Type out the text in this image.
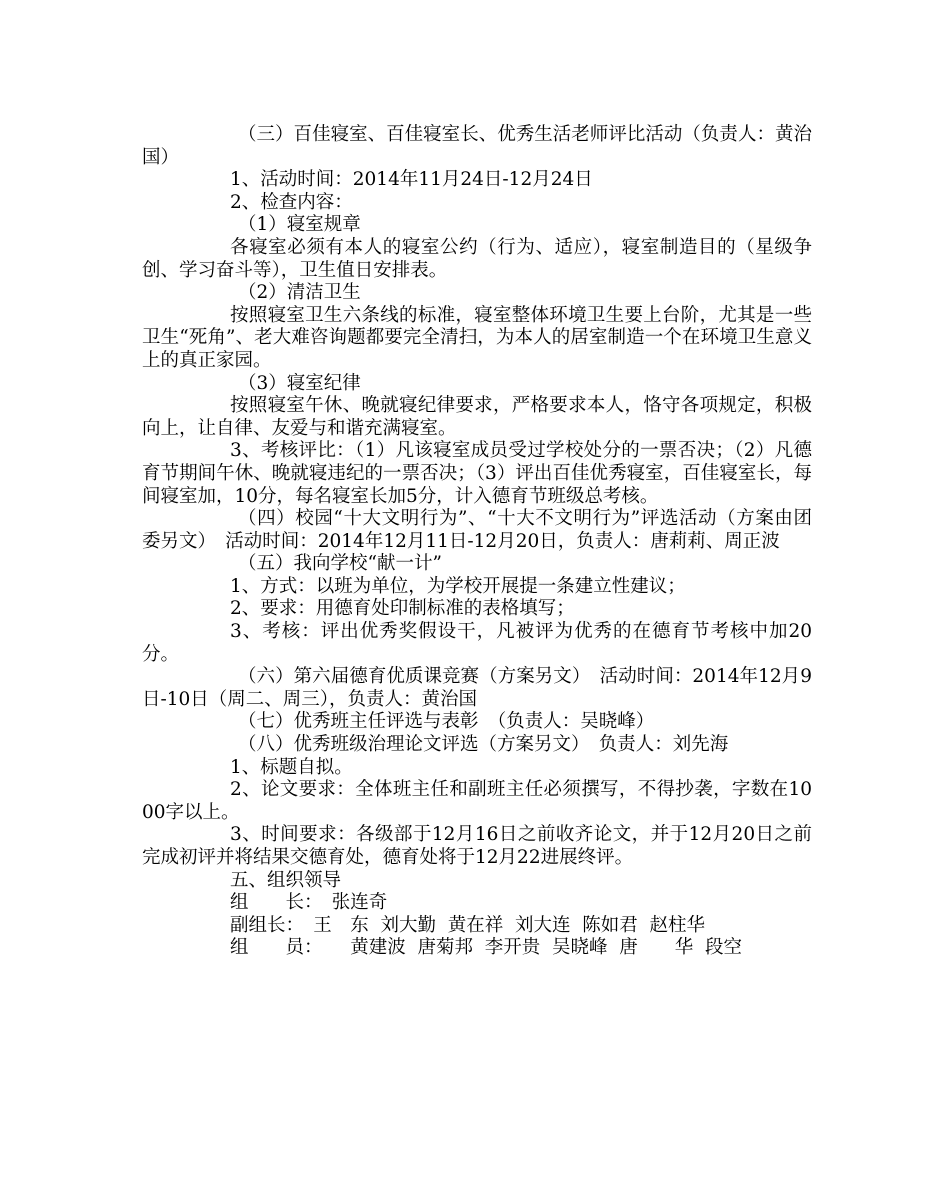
（三）百佳寝室、百佳寝室长、优秀生活老师评比活动（负责人：黄治国）

1、活动时间：2014年11月24日-12月24日

2、检查内容：

（1）寝室规章

各寝室必须有本人的寝室公约（行为、适应），寝室制造目的（星级争创、学习奋斗等），卫生值日安排表。

（2）清洁卫生

按照寝室卫生六条线的标准，寝室整体环境卫生要上台阶，尤其是一些卫生“死角”、老大难咨询题都要完全清扫，为本人的居室制造一个在环境卫生意义上的真正家园。

（3）寝室纪律

按照寝室午休、晚就寝纪律要求，严格要求本人，恪守各项规定，积极向上，让自律、友爱与和谐充满寝室。

3、考核评比：（1）凡该寝室成员受过学校处分的一票否决；（2）凡德育节期间午休、晚就寝违纪的一票否决；（3）评出百佳优秀寝室，百佳寝室长，每间寝室加，10分，每名寝室长加5分，计入德育节班级总考核。

（四）校园“十大文明行为”、“十大不文明行为”评选活动（方案由团委另文）　活动时间：2014年12月11日-12月20日，负责人：唐莉莉、周正波

（五）我向学校“献一计”

1、方式：以班为单位，为学校开展提一条建立性建议；

2、要求：用德育处印制标准的表格填写；

3、考核：评出优秀奖假设干，凡被评为优秀的在德育节考核中加20分。

（六）第六届德育优质课竞赛（方案另文）　活动时间：2014年12月9日-10日（周二、周三），负责人：黄治国

（七）优秀班主任评选与表彰　（负责人：吴晓峰）

（八）优秀班级治理论文评选（方案另文）　负责人：刘先海

1、标题自拟。

2、论文要求：全体班主任和副班主任必须撰写，不得抄袭，字数在1000字以上。

3、时间要求：各级部于12月16日之前收齐论文，并于12月20日之前完成初评并将结果交德育处，德育处将于12月22进展终评。

五、组织领导

组　　长：　张连奇

副组长：　王　东  刘大勤  黄在祥  刘大连  陈如君  赵柱华

组　　员：　　黄建波  唐菊邦  李开贵  吴晓峰  唐　　华  段空
